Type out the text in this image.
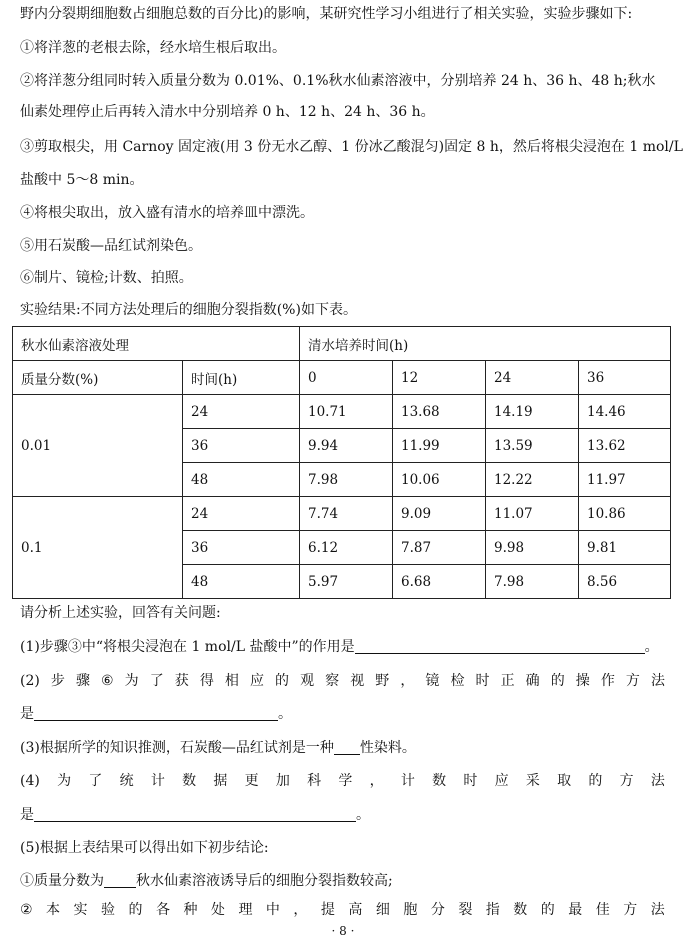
野内分裂期细胞数占细胞总数的百分比)的影响，某研究性学习小组进行了相关实验，实验步骤如下:
①将洋葱的老根去除，经水培生根后取出。
②将洋葱分组同时转入质量分数为 0.01%、0.1%秋水仙素溶液中，分别培养 24 h、36 h、48 h;秋水
仙素处理停止后再转入清水中分别培养 0 h、12 h、24 h、36 h。
③剪取根尖，用 Carnoy 固定液(用 3 份无水乙醇、1 份冰乙酸混匀)固定 8 h，然后将根尖浸泡在 1 mol/L
盐酸中 5～8 min。
④将根尖取出，放入盛有清水的培养皿中漂洗。
⑤用石炭酸—品红试剂染色。
⑥制片、镜检;计数、拍照。
实验结果:不同方法处理后的细胞分裂指数(%)如下表。
秋水仙素溶液处理		清水培养时间(h)			
质量分数(%)	时间(h)	0	12	24	36
0.01	24	10.71	13.68	14.19	14.46
	36	9.94	11.99	13.59	13.62
	48	7.98	10.06	12.22	11.97
0.1	24	7.74	9.09	11.07	10.86
	36	6.12	7.87	9.98	9.81
	48	5.97	6.68	7.98	8.56
请分析上述实验，回答有关问题:
(1)步骤③中“将根尖浸泡在 1 mol/L 盐酸中”的作用是	。
(2) 步 骤 ⑥ 为 了 获 得 相 应 的 观 察 视 野 ， 镜 检 时 正 确 的 操 作 方 法
是	。
(3)根据所学的知识推测，石炭酸—品红试剂是一种 性染料。
(4) 为 了 统 计 数 据 更 加 科 学 ， 计 数 时 应 采 取 的 方 法
是	。
(5)根据上表结果可以得出如下初步结论:
①质量分数为 秋水仙素溶液诱导后的细胞分裂指数较高;
② 本 实 验 的 各 种 处 理 中 ， 提 高 细 胞 分 裂 指 数 的 最 佳 方 法
· 8 ·
